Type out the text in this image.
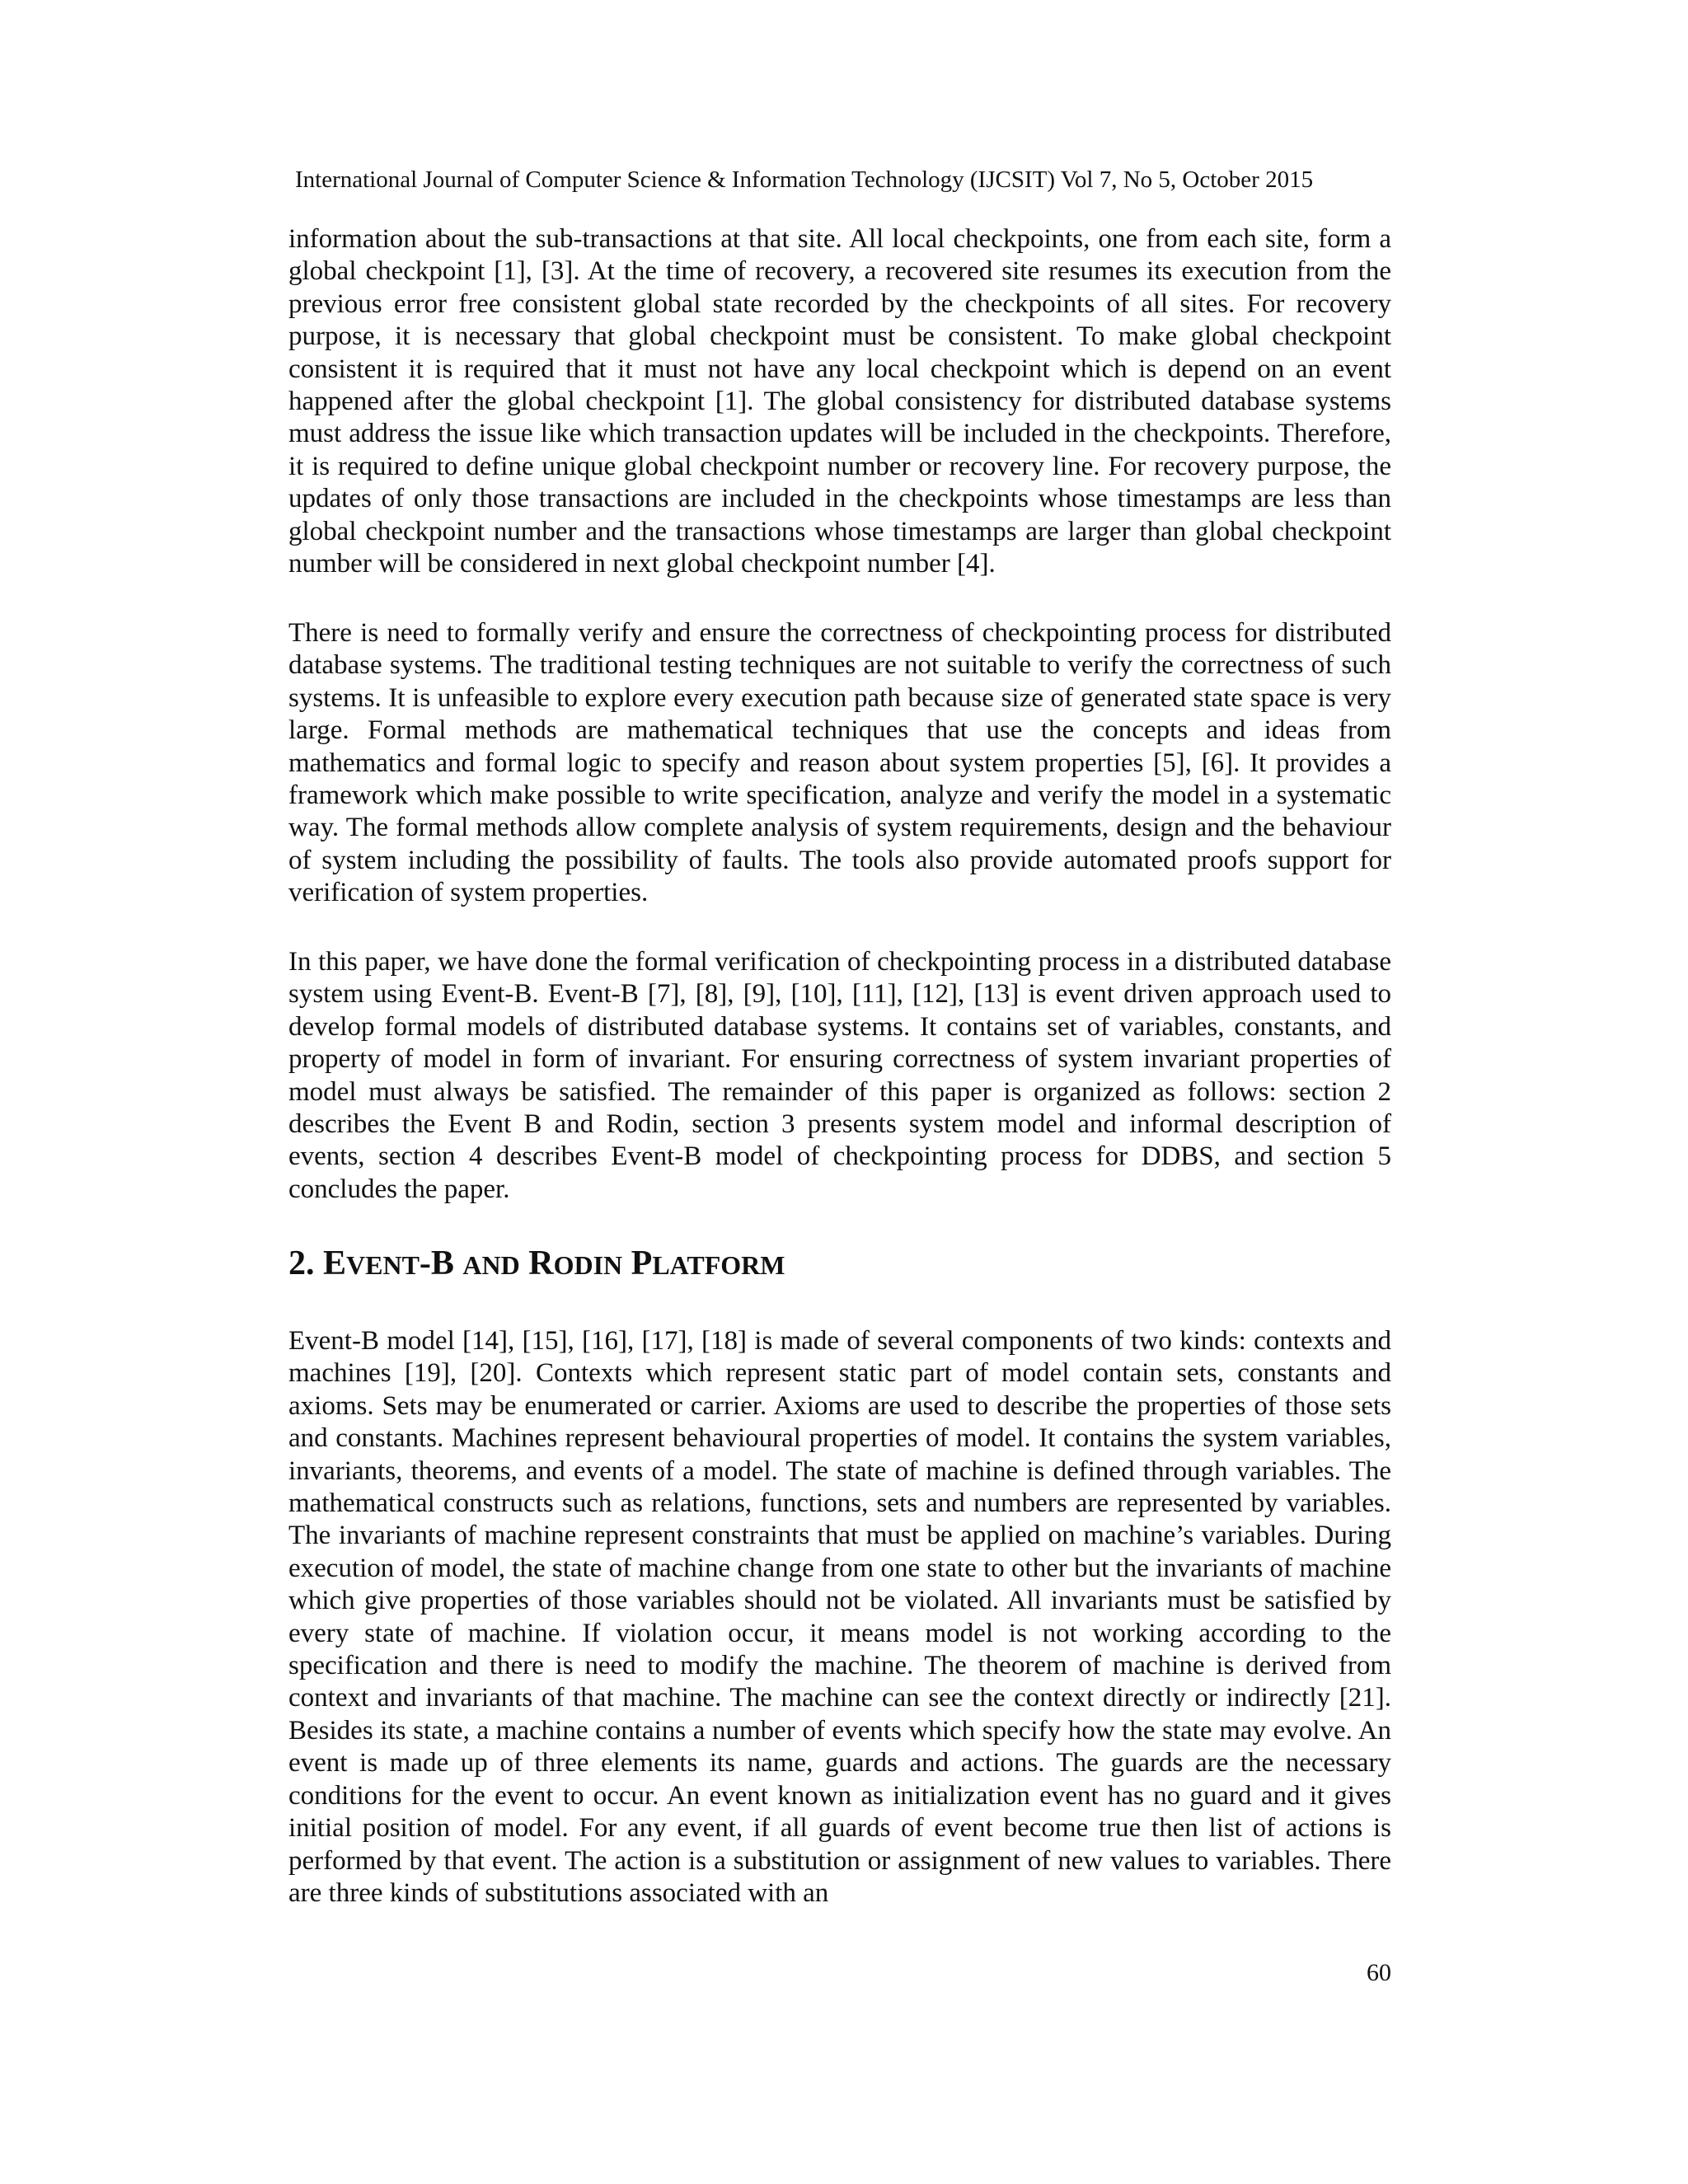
International Journal of Computer Science & Information Technology (IJCSIT) Vol 7, No 5, October 2015

information about the sub-transactions at that site. All local checkpoints, one from each site, form a global checkpoint [1], [3]. At the time of recovery, a recovered site resumes its execution from the previous error free consistent global state recorded by the checkpoints of all sites. For recovery purpose, it is necessary that global checkpoint must be consistent. To make global checkpoint consistent it is required that it must not have any local checkpoint which is depend on an event happened after the global checkpoint [1]. The global consistency for distributed database systems must address the issue like which transaction updates will be included in the checkpoints. Therefore, it is required to define unique global checkpoint number or recovery line. For recovery purpose, the updates of only those transactions are included in the checkpoints whose timestamps are less than global checkpoint number and the transactions whose timestamps are larger than global checkpoint number will be considered in next global checkpoint number [4].

There is need to formally verify and ensure the correctness of checkpointing process for distributed database systems. The traditional testing techniques are not suitable to verify the correctness of such systems. It is unfeasible to explore every execution path because size of generated state space is very large. Formal methods are mathematical techniques that use the concepts and ideas from mathematics and formal logic to specify and reason about system properties [5], [6]. It provides a framework which make possible to write specification, analyze and verify the model in a systematic way. The formal methods allow complete analysis of system requirements, design and the behaviour of system including the possibility of faults. The tools also provide automated proofs support for verification of system properties.

In this paper, we have done the formal verification of checkpointing process in a distributed database system using Event-B. Event-B [7], [8], [9], [10], [11], [12], [13] is event driven approach used to develop formal models of distributed database systems. It contains set of variables, constants, and property of model in form of invariant. For ensuring correctness of system invariant properties of model must always be satisfied. The remainder of this paper is organized as follows: section 2 describes the Event B and Rodin, section 3 presents system model and informal description of events, section 4 describes Event-B model of checkpointing process for DDBS, and section 5 concludes the paper.

2. EVENT-B AND RODIN PLATFORM

Event-B model [14], [15], [16], [17], [18] is made of several components of two kinds: contexts and machines [19], [20]. Contexts which represent static part of model contain sets, constants and axioms. Sets may be enumerated or carrier. Axioms are used to describe the properties of those sets and constants. Machines represent behavioural properties of model. It contains the system variables, invariants, theorems, and events of a model. The state of machine is defined through variables. The mathematical constructs such as relations, functions, sets and numbers are represented by variables. The invariants of machine represent constraints that must be applied on machine’s variables. During execution of model, the state of machine change from one state to other but the invariants of machine which give properties of those variables should not be violated. All invariants must be satisfied by every state of machine. If violation occur, it means model is not working according to the specification and there is need to modify the machine. The theorem of machine is derived from context and invariants of that machine. The machine can see the context directly or indirectly [21]. Besides its state, a machine contains a number of events which specify how the state may evolve. An event is made up of three elements its name, guards and actions. The guards are the necessary conditions for the event to occur. An event known as initialization event has no guard and it gives initial position of model. For any event, if all guards of event become true then list of actions is performed by that event. The action is a substitution or assignment of new values to variables. There are three kinds of substitutions associated with an

60
